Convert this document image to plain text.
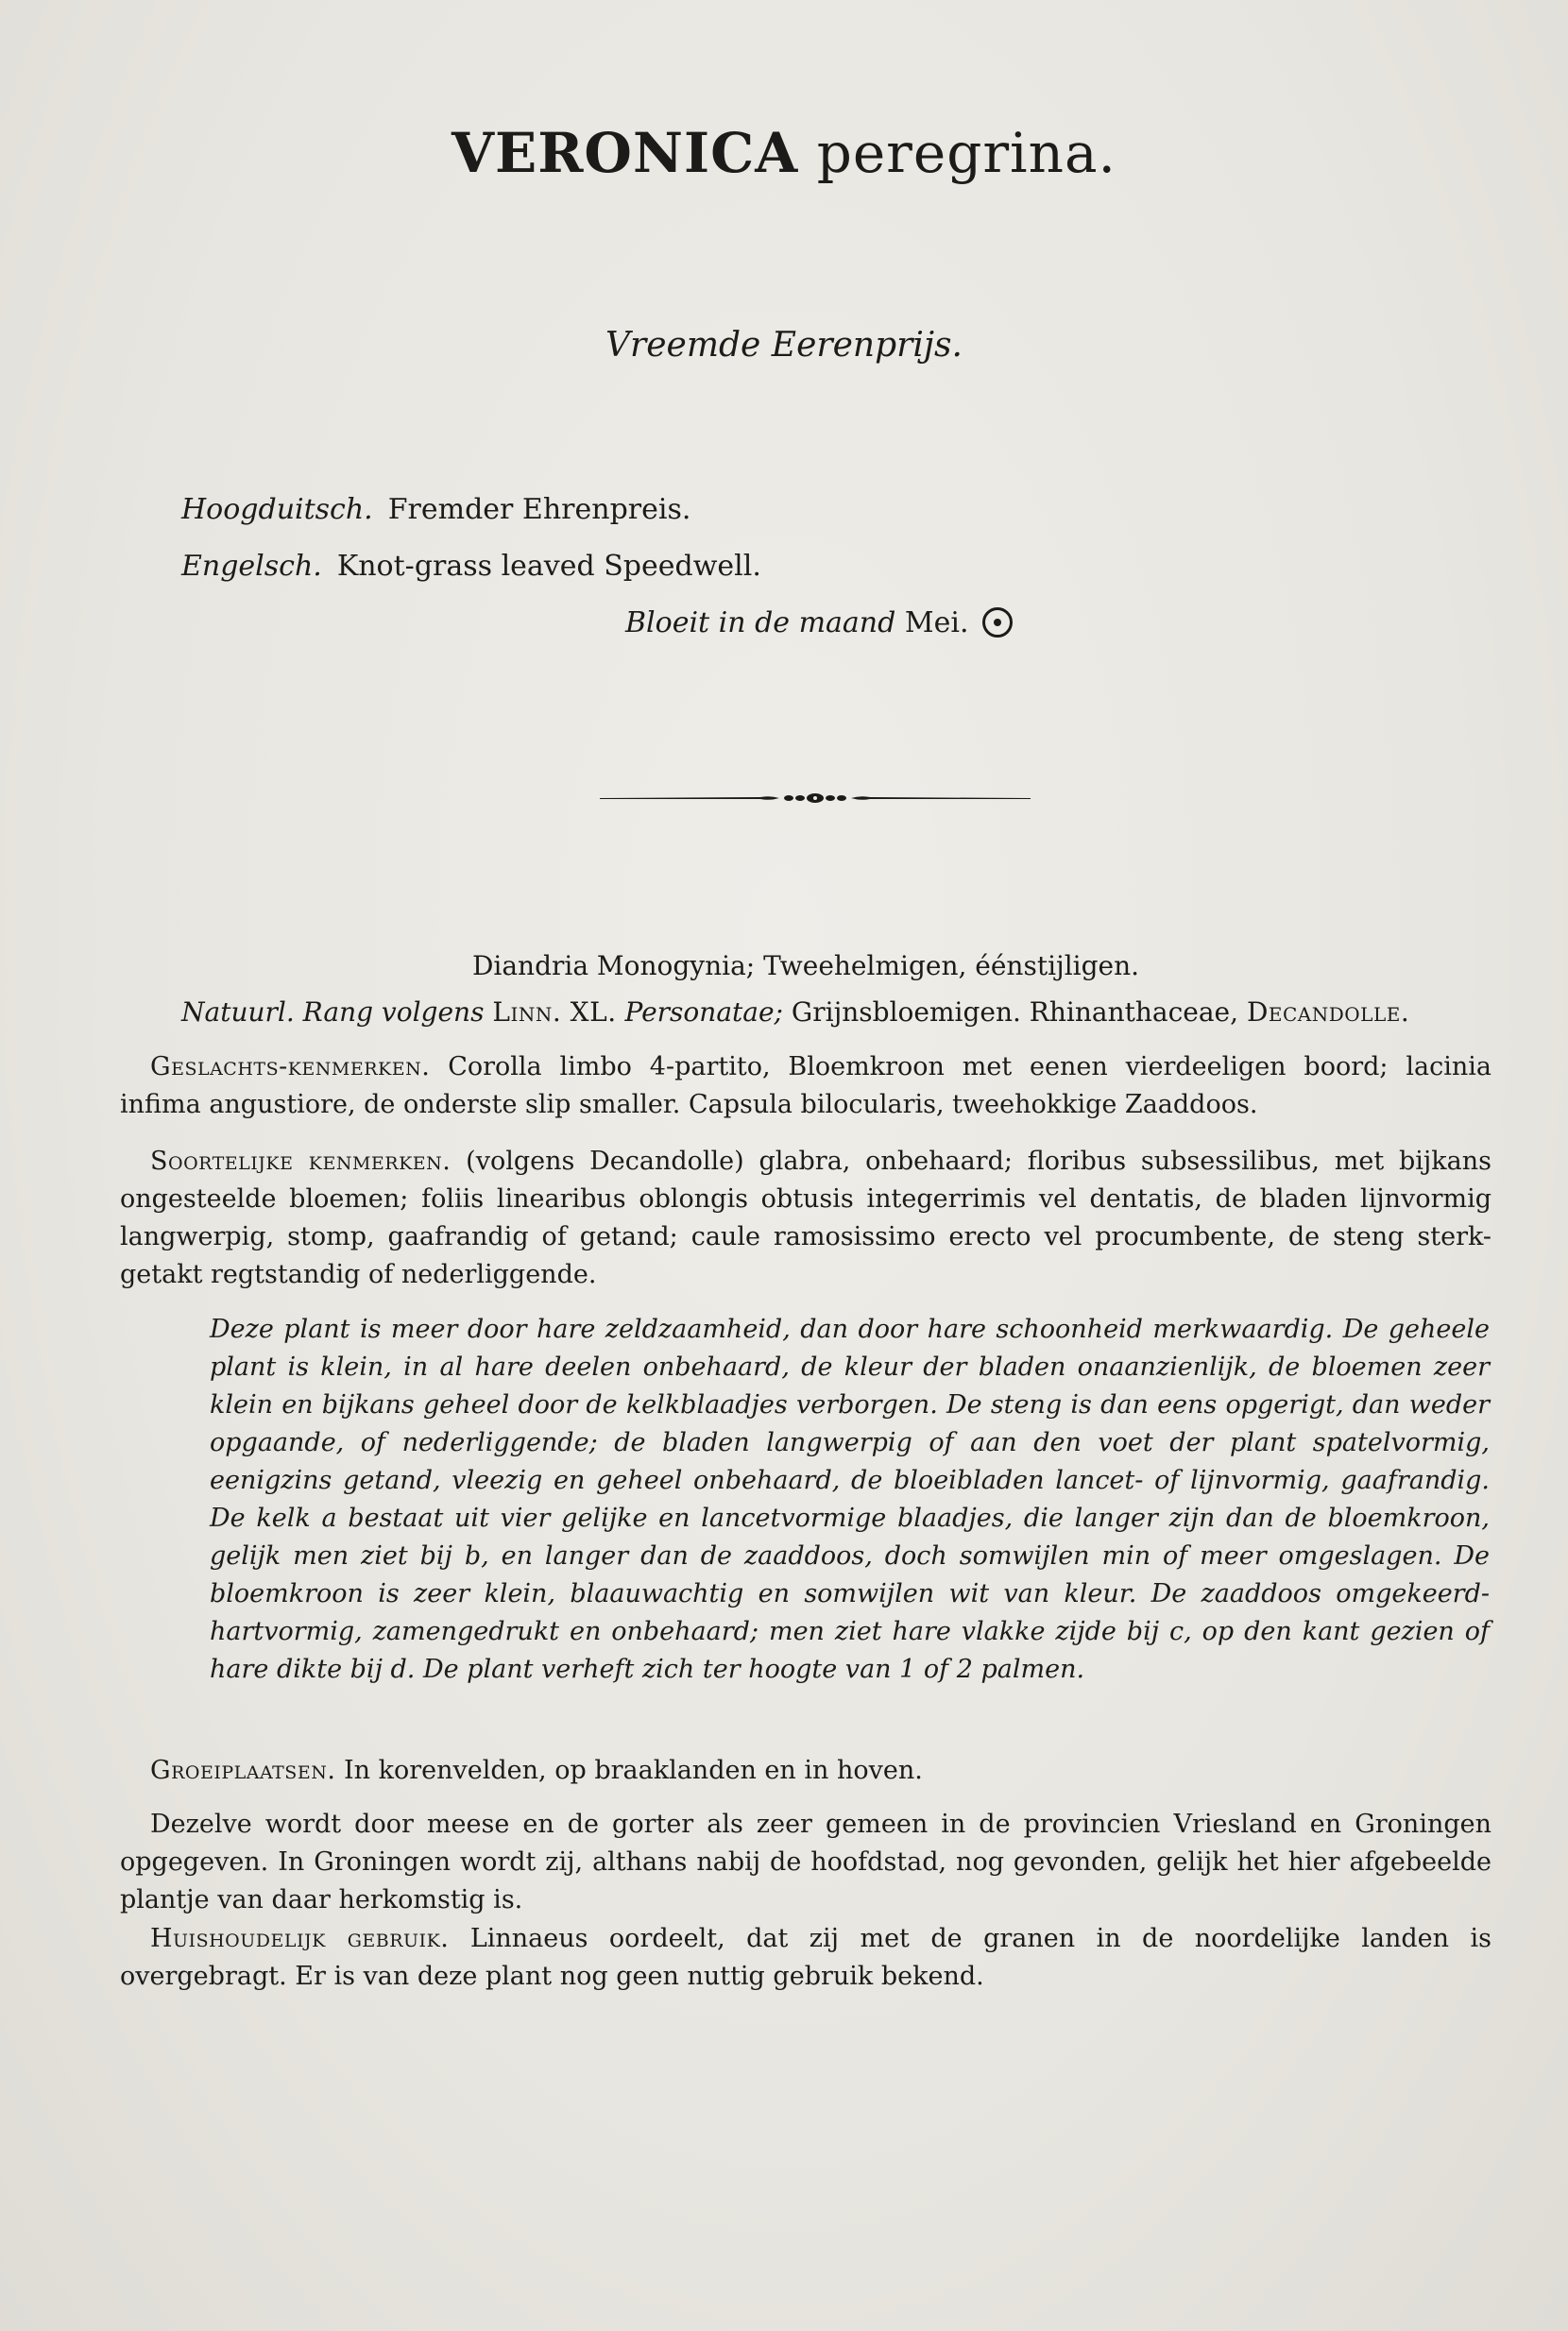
VERONICA peregrina.
Vreemde Eerenprijs.
Hoogduitsch. Fremder Ehrenpreis.
Engelsch. Knot-grass leaved Speedwell.
Bloeit in de maand Mei.
Diandria Monogynia; Tweehelmigen, éénstijligen.
Natuurl. Rang volgens Linn. XL. Personatae; Grijnsbloemigen. Rhinanthaceae, Decandolle.
Geslachts-kenmerken. Corolla limbo 4-partito, Bloemkroon met eenen vierdeeligen boord; lacinia infima angustiore, de onderste slip smaller. Capsula bilocularis, tweehokkige Zaaddoos.
Soortelijke kenmerken. (volgens Decandolle) glabra, onbehaard; floribus subsessilibus, met bijkans ongesteelde bloemen; foliis linearibus oblongis obtusis integerrimis vel dentatis, de bladen lijnvormig langwerpig, stomp, gaafrandig of getand; caule ramosissimo erecto vel procumbente, de steng sterk-getakt regtstandig of nederliggende.
Deze plant is meer door hare zeldzaamheid, dan door hare schoonheid merkwaardig. De geheele plant is klein, in al hare deelen onbehaard, de kleur der bladen onaanzienlijk, de bloemen zeer klein en bijkans geheel door de kelkblaadjes verborgen. De steng is dan eens opgerigt, dan weder opgaande, of nederliggende; de bladen langwerpig of aan den voet der plant spatelvormig, eenigzins getand, vleezig en geheel onbehaard, de bloeibladen lancet- of lijnvormig, gaafrandig. De kelk a bestaat uit vier gelijke en lancetvormige blaadjes, die langer zijn dan de bloemkroon, gelijk men ziet bij b, en langer dan de zaaddoos, doch somwijlen min of meer omgeslagen. De bloemkroon is zeer klein, blaauwachtig en somwijlen wit van kleur. De zaaddoos omgekeerd-hartvormig, zamengedrukt en onbehaard; men ziet hare vlakke zijde bij c, op den kant gezien of hare dikte bij d. De plant verheft zich ter hoogte van 1 of 2 palmen.
Groeiplaatsen. In korenvelden, op braaklanden en in hoven.
Dezelve wordt door meese en de gorter als zeer gemeen in de provincien Vriesland en Groningen opgegeven. In Groningen wordt zij, althans nabij de hoofdstad, nog gevonden, gelijk het hier afgebeelde plantje van daar herkomstig is.
Huishoudelijk gebruik. Linnaeus oordeelt, dat zij met de granen in de noordelijke landen is overgebragt. Er is van deze plant nog geen nuttig gebruik bekend.
